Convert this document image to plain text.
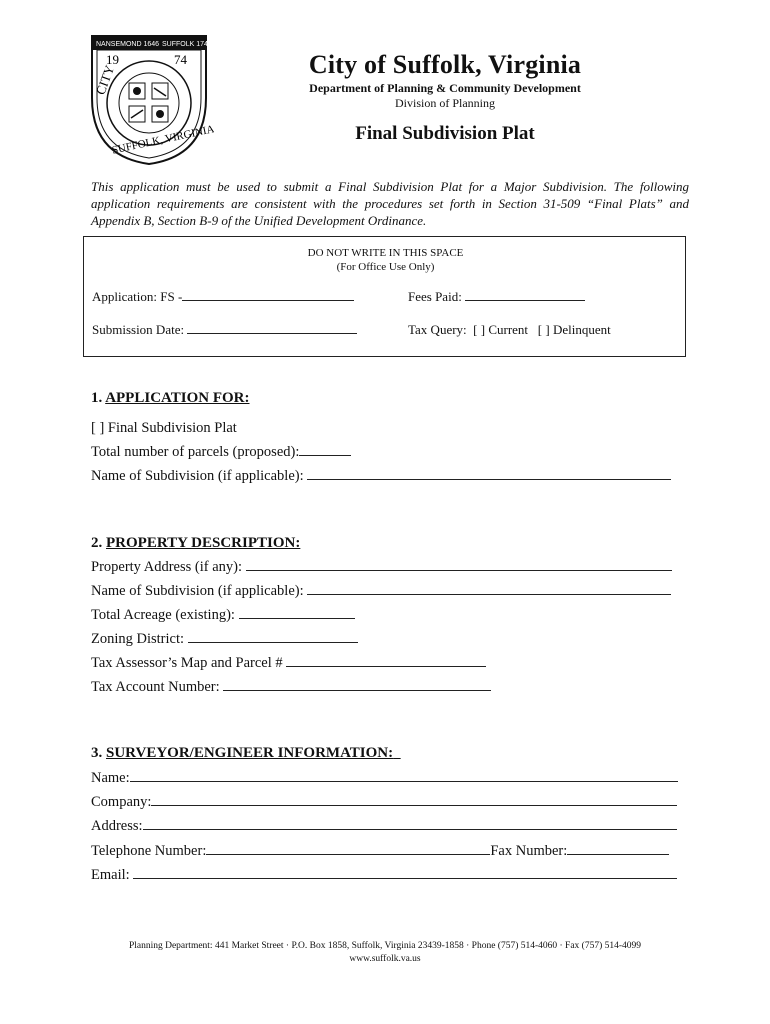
NANSEMOND 1646 SUFFOLK 1742
19	74
CITY
SUFFOLK, VIRGINIA
City of Suffolk, Virginia
Department of Planning & Community Development
Division of Planning
Final Subdivision Plat
This application must be used to submit a Final Subdivision Plat for a Major Subdivision. The following application requirements are consistent with the procedures set forth in Section 31-509 “Final Plats” and Appendix B, Section B-9 of the Unified Development Ordinance.
DO NOT WRITE IN THIS SPACE
(For Office Use Only)
Application: FS -	Fees Paid:
Submission Date:	Tax Query: [ ] Current [ ] Delinquent
1. APPLICATION FOR:
[ ] Final Subdivision Plat
Total number of parcels (proposed):
Name of Subdivision (if applicable):
2. PROPERTY DESCRIPTION:
Property Address (if any):
Name of Subdivision (if applicable):
Total Acreage (existing):
Zoning District:
Tax Assessor’s Map and Parcel #
Tax Account Number:
3. SURVEYOR/ENGINEER INFORMATION:
Name:
Company:
Address:
Telephone Number:	Fax Number:
Email:
Planning Department: 441 Market Street · P.O. Box 1858, Suffolk, Virginia 23439-1858 · Phone (757) 514-4060 · Fax (757) 514-4099
www.suffolk.va.us
